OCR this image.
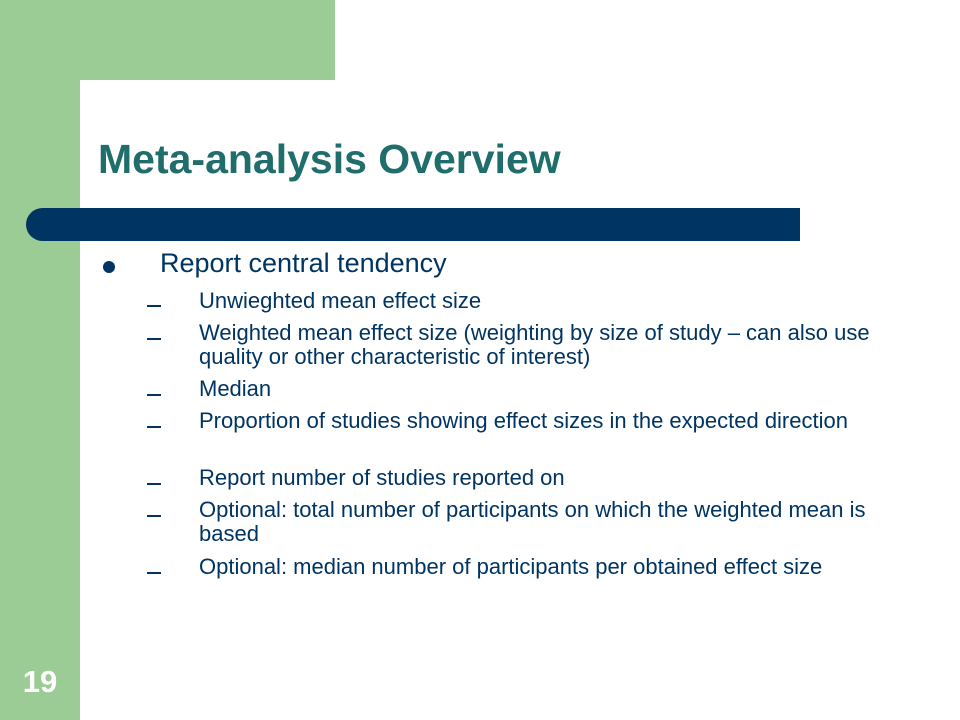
Meta-analysis Overview
Report central tendency
Unwieghted mean effect size
Weighted mean effect size (weighting by size of study – can also use quality or other characteristic of interest)
Median
Proportion of studies showing effect sizes in the expected direction
Report number of studies reported on
Optional: total number of participants on which the weighted mean is based
Optional: median number of participants per obtained effect size
19
